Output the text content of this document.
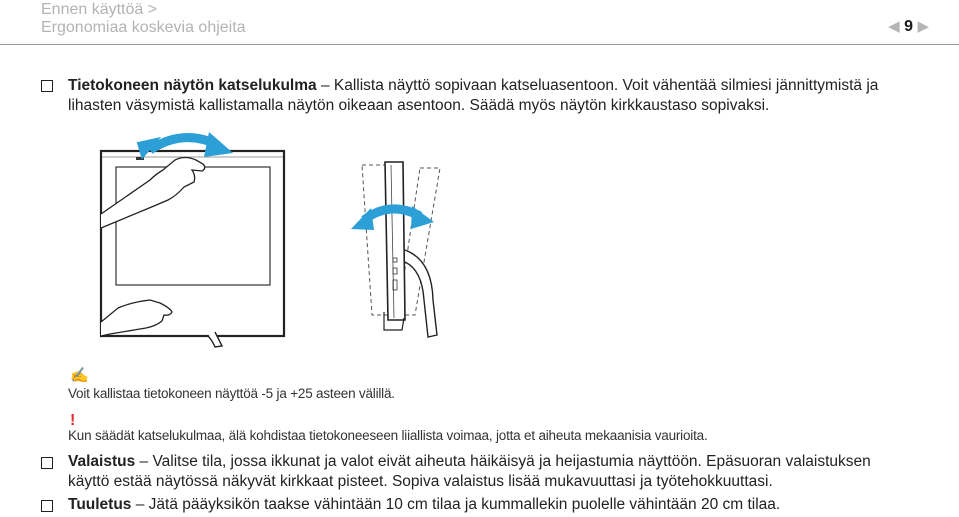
Ennen käyttöä >
Ergonomiaa koskevia ohjeita	◀ 9 ▶
Tietokoneen näytön katselukulma – Kallista näyttö sopivaan katseluasentoon. Voit vähentää silmiesi jännittymistä ja
lihasten väsymistä kallistamalla näytön oikeaan asentoon. Säädä myös näytön kirkkaustaso sopivaksi.
✍
Voit kallistaa tietokoneen näyttöä -5 ja +25 asteen välillä.
!
Kun säädät katselukulmaa, älä kohdistaa tietokoneeseen liiallista voimaa, jotta et aiheuta mekaanisia vaurioita.
Valaistus – Valitse tila, jossa ikkunat ja valot eivät aiheuta häikäisyä ja heijastumia näyttöön. Epäsuoran valaistuksen
käyttö estää näytössä näkyvät kirkkaat pisteet. Sopiva valaistus lisää mukavuuttasi ja työtehokkuuttasi.
Tuuletus – Jätä pääyksikön taakse vähintään 10 cm tilaa ja kummallekin puolelle vähintään 20 cm tilaa.
